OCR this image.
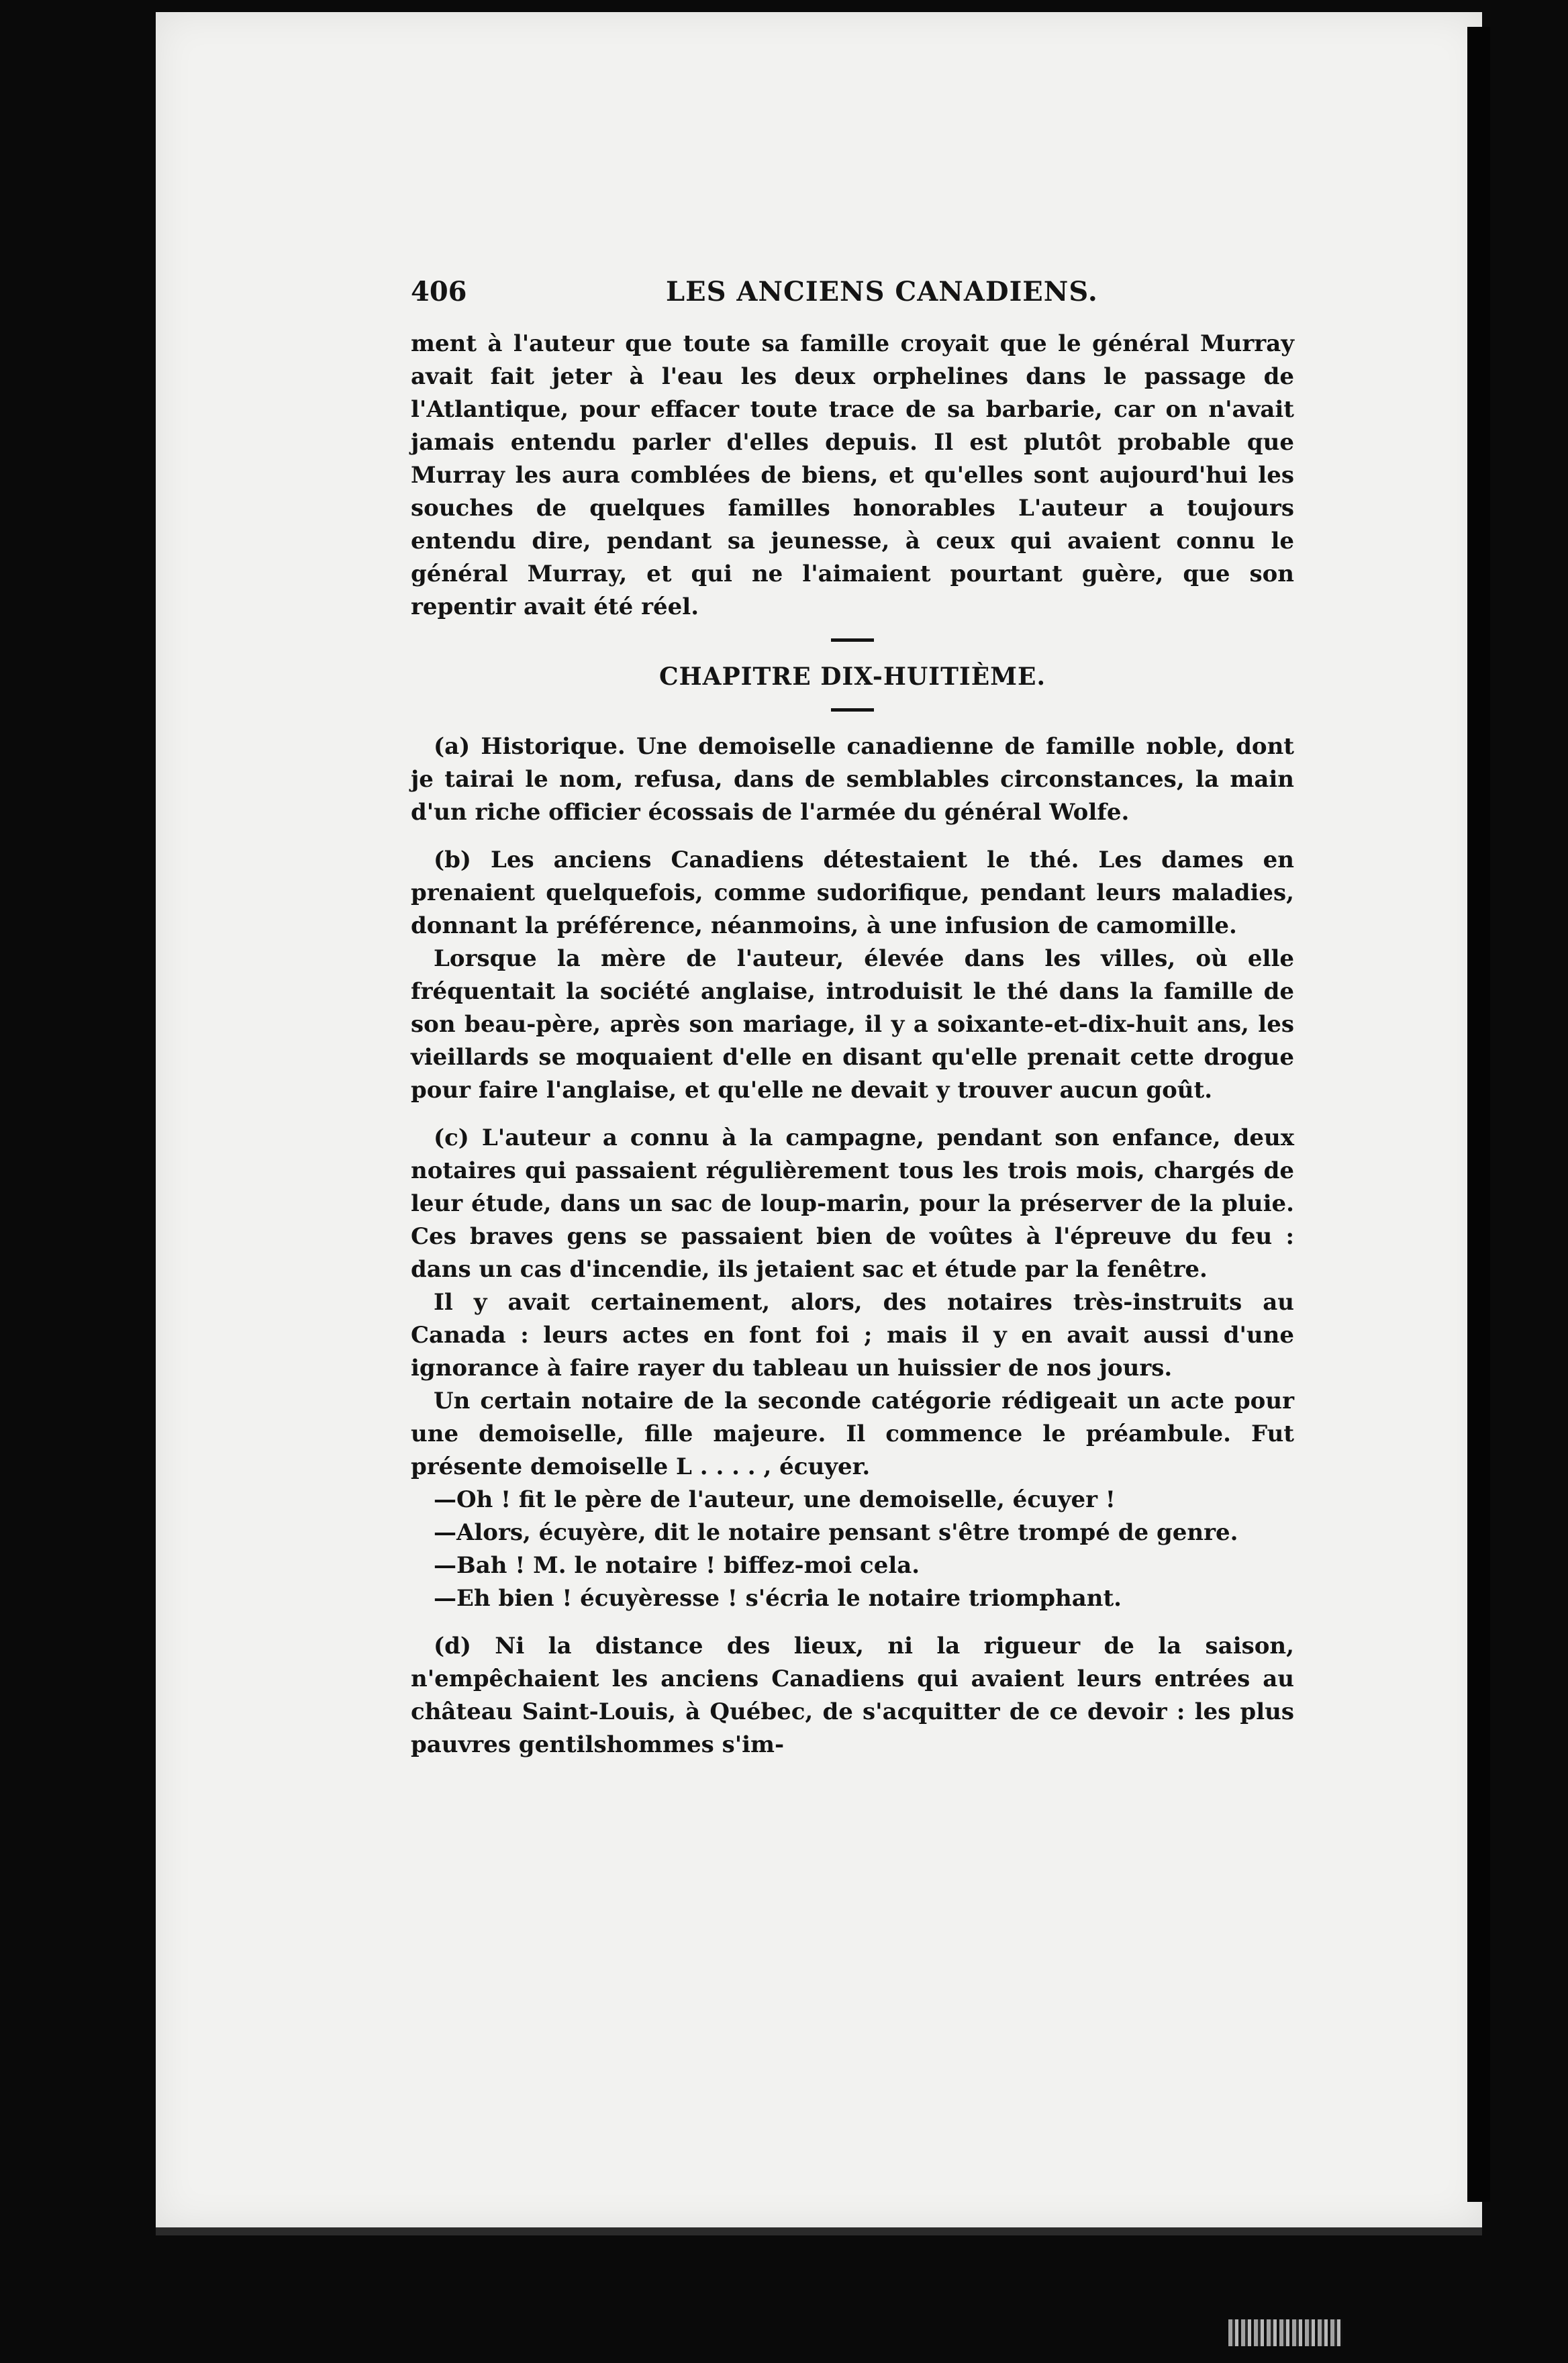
406	LES ANCIENS CANADIENS.

ment à l'auteur que toute sa famille croyait que le général Murray avait fait jeter à l'eau les deux orphelines dans le passage de l'Atlantique, pour effacer toute trace de sa barbarie, car on n'avait jamais entendu parler d'elles depuis. Il est plutôt probable que Murray les aura comblées de biens, et qu'elles sont aujourd'hui les souches de quelques familles honorables L'auteur a toujours entendu dire, pendant sa jeunesse, à ceux qui avaient connu le général Murray, et qui ne l'aimaient pourtant guère, que son repentir avait été réel.

CHAPITRE DIX-HUITIÈME.

(a) Historique. Une demoiselle canadienne de famille noble, dont je tairai le nom, refusa, dans de semblables circonstances, la main d'un riche officier écossais de l'armée du général Wolfe.

(b) Les anciens Canadiens détestaient le thé. Les dames en prenaient quelquefois, comme sudorifique, pendant leurs maladies, donnant la préférence, néanmoins, à une infusion de camomille.

Lorsque la mère de l'auteur, élevée dans les villes, où elle fréquentait la société anglaise, introduisit le thé dans la famille de son beau-père, après son mariage, il y a soixante-et-dix-huit ans, les vieillards se moquaient d'elle en disant qu'elle prenait cette drogue pour faire l'anglaise, et qu'elle ne devait y trouver aucun goût.

(c) L'auteur a connu à la campagne, pendant son enfance, deux notaires qui passaient régulièrement tous les trois mois, chargés de leur étude, dans un sac de loup-marin, pour la préserver de la pluie. Ces braves gens se passaient bien de voûtes à l'épreuve du feu : dans un cas d'incendie, ils jetaient sac et étude par la fenêtre.

Il y avait certainement, alors, des notaires très-instruits au Canada : leurs actes en font foi ; mais il y en avait aussi d'une ignorance à faire rayer du tableau un huissier de nos jours.

Un certain notaire de la seconde catégorie rédigeait un acte pour une demoiselle, fille majeure. Il commence le préambule. Fut présente demoiselle L . . . . , écuyer.

—Oh ! fit le père de l'auteur, une demoiselle, écuyer !

—Alors, écuyère, dit le notaire pensant s'être trompé de genre.

—Bah ! M. le notaire ! biffez-moi cela.

—Eh bien ! écuyèresse ! s'écria le notaire triomphant.

(d) Ni la distance des lieux, ni la rigueur de la saison, n'empêchaient les anciens Canadiens qui avaient leurs entrées au château Saint-Louis, à Québec, de s'acquitter de ce devoir : les plus pauvres gentilshommes s'im-
